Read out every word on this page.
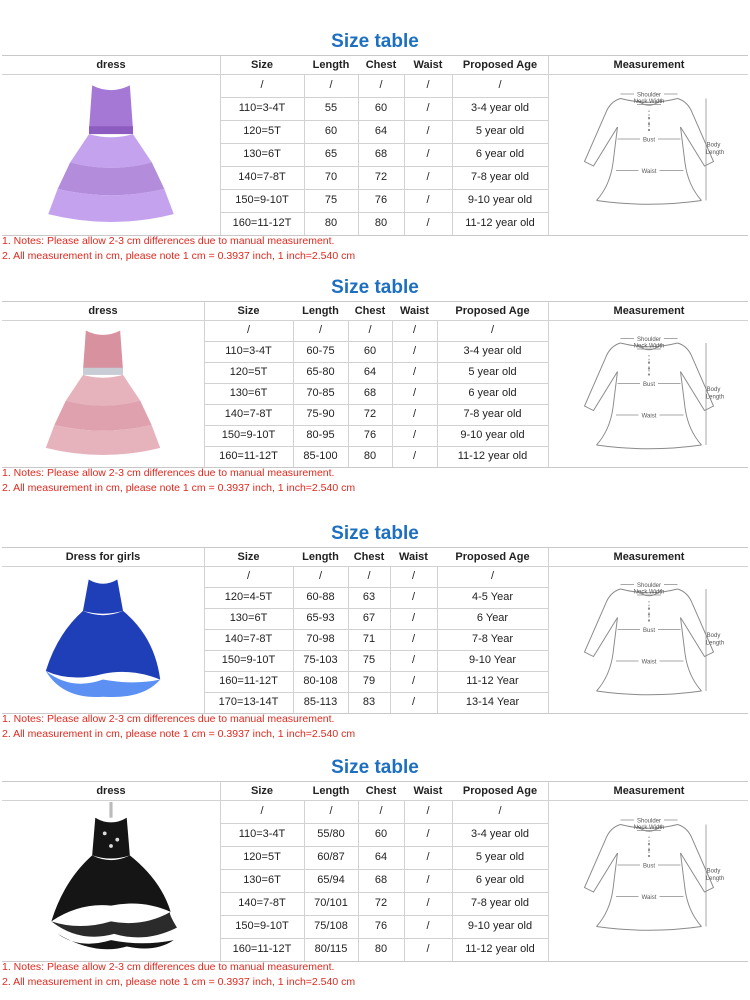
Size table
dress	Size	Length	Chest	Waist	Proposed Age	Measurement
/	/	/	/	/
110=3-4T	55	60	/	3-4 year old
120=5T	60	64	/	5 year old
130=6T	65	68	/	6 year old
140=7-8T	70	72	/	7-8 year old
150=9-10T	75	76	/	9-10 year old
160=11-12T	80	80	/	11-12 year old
Shoulder
Neck Width
Bust
Waist
Body
Length
1. Notes: Please allow 2-3 cm differences due to manual measurement.
2. All measurement in cm, please note 1 cm = 0.3937 inch, 1 inch=2.540 cm
Size table
dress	Size	Length	Chest	Waist	Proposed Age	Measurement
/	/	/	/	/
110=3-4T	60-75	60	/	3-4 year old
120=5T	65-80	64	/	5 year old
130=6T	70-85	68	/	6 year old
140=7-8T	75-90	72	/	7-8 year old
150=9-10T	80-95	76	/	9-10 year old
160=11-12T	85-100	80	/	11-12 year old
Shoulder
Neck Width
Bust
Waist
Body
Length
1. Notes: Please allow 2-3 cm differences due to manual measurement.
2. All measurement in cm, please note 1 cm = 0.3937 inch, 1 inch=2.540 cm
Size table
Dress for girls	Size	Length	Chest	Waist	Proposed Age	Measurement
/	/	/	/	/
120=4-5T	60-88	63	/	4-5 Year
130=6T	65-93	67	/	6 Year
140=7-8T	70-98	71	/	7-8 Year
150=9-10T	75-103	75	/	9-10 Year
160=11-12T	80-108	79	/	11-12 Year
170=13-14T	85-113	83	/	13-14 Year
Shoulder
Neck Width
Bust
Waist
Body
Length
1. Notes: Please allow 2-3 cm differences due to manual measurement.
2. All measurement in cm, please note 1 cm = 0.3937 inch, 1 inch=2.540 cm
Size table
dress	Size	Length	Chest	Waist	Proposed Age	Measurement
/	/	/	/	/
110=3-4T	55/80	60	/	3-4 year old
120=5T	60/87	64	/	5 year old
130=6T	65/94	68	/	6 year old
140=7-8T	70/101	72	/	7-8 year old
150=9-10T	75/108	76	/	9-10 year old
160=11-12T	80/115	80	/	11-12 year old
Shoulder
Neck Width
Bust
Waist
Body
Length
1. Notes: Please allow 2-3 cm differences due to manual measurement.
2. All measurement in cm, please note 1 cm = 0.3937 inch, 1 inch=2.540 cm
